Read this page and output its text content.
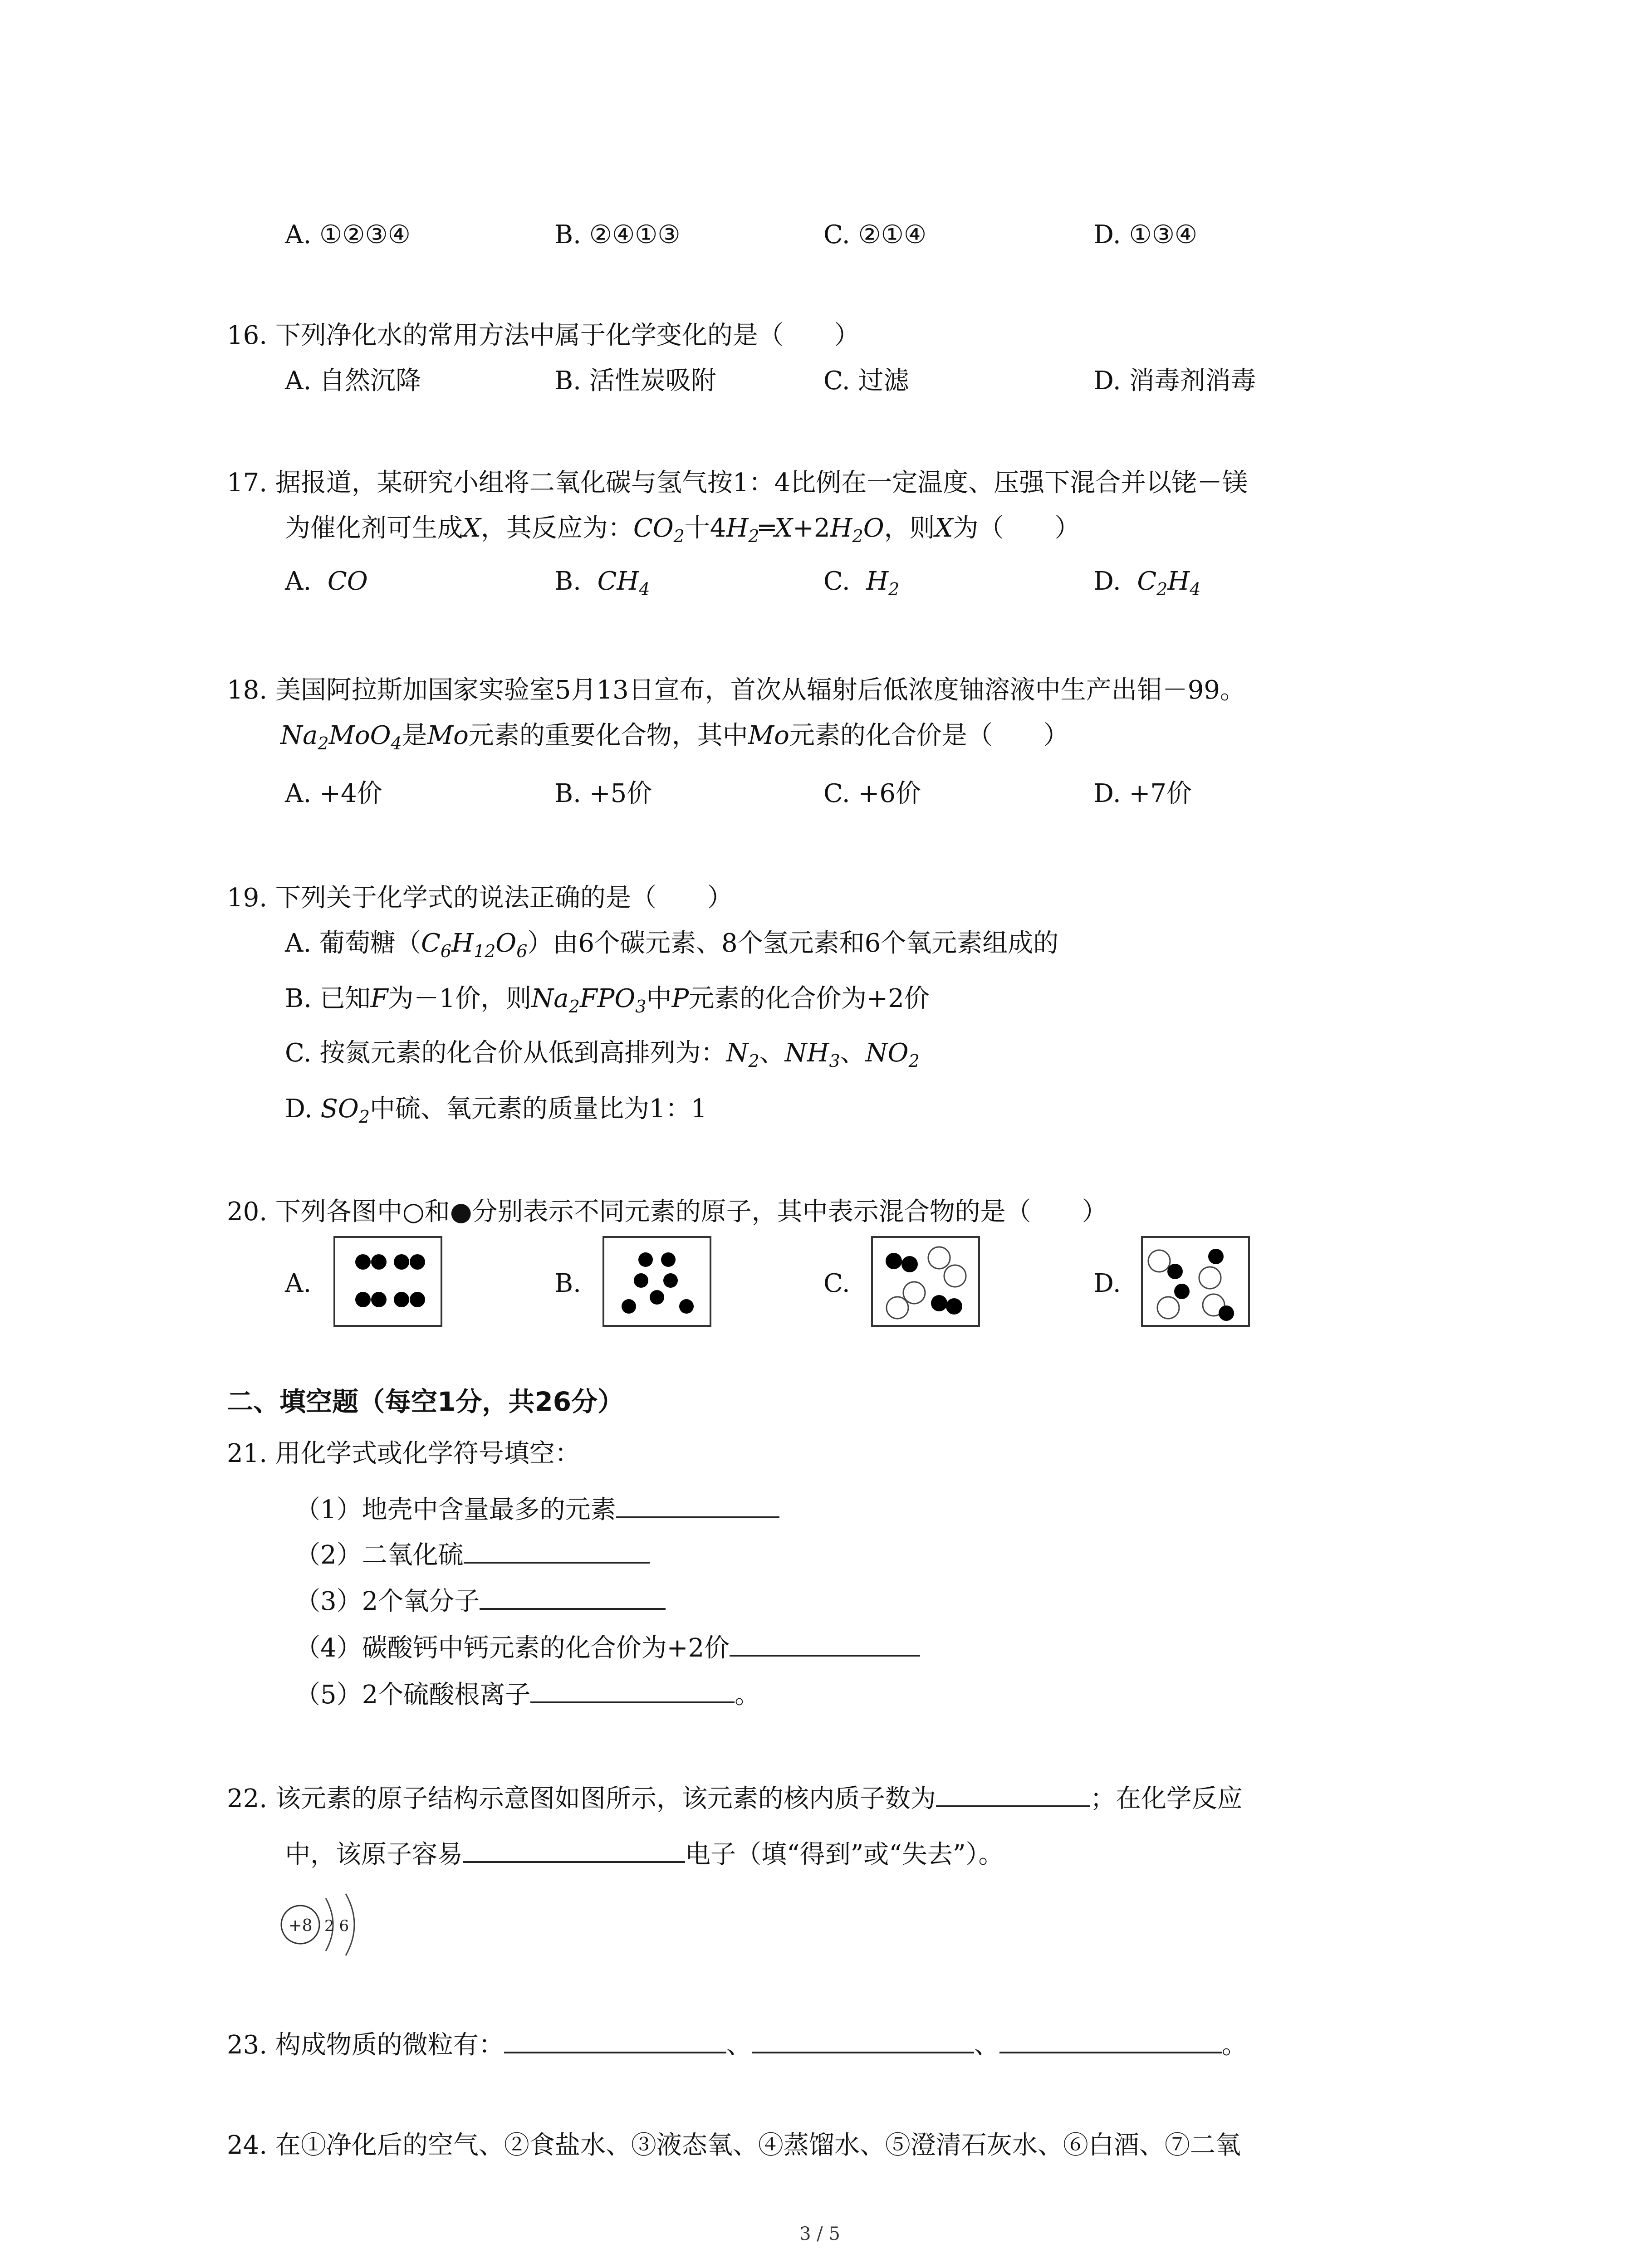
A. ①②③④	B. ②④①③	C. ②①④	D. ①③④
16. 下列净化水的常用方法中属于化学变化的是（　　）
A. 自然沉降	B. 活性炭吸附	C. 过滤	D. 消毒剂消毒
17. 据报道，某研究小组将二氧化碳与氢气按1：4比例在一定温度、压强下混合并以铑－镁
为催化剂可生成X，其反应为：$CO_2$十$4H_2═X+2H_2O$，则X为（　　）
A. CO	B. $CH_4$	C. $H_2$	D. $C_2H_4$
18. 美国阿拉斯加国家实验室5月13日宣布，首次从辐射后低浓度铀溶液中生产出钼－99。
$Na_2MoO_4$是Mo元素的重要化合物，其中Mo元素的化合价是（　　）
A. +4价	B. +5价	C. +6价	D. +7价
19. 下列关于化学式的说法正确的是（　　）
A. 葡萄糖$(C_6H_{12}O_6)$由6个碳元素、8个氢元素和6个氧元素组成的
B. 已知F为－1价，则$Na_2FPO_3$中P元素的化合价为+2价
C. 按氮元素的化合价从低到高排列为：$N_2$、$NH_3$、$NO_2$
D. $SO_2$中硫、氧元素的质量比为1：1
20. 下列各图中○和●分别表示不同元素的原子，其中表示混合物的是（　　）
A.	B.	C.	D.
二、填空题（每空1分，共26分）
21. 用化学式或化学符号填空：
（1）地壳中含量最多的元素
（2）二氧化硫
（3）2个氧分子
（4）碳酸钙中钙元素的化合价为+2价
（5）2个硫酸根离子	。
22. 该元素的原子结构示意图如图所示，该元素的核内质子数为	；在化学反应
中，该原子容易	电子（填“得到”或“失去”）。
+8 2 6
23. 构成物质的微粒有：	、	、	。
24. 在①净化后的空气、②食盐水、③液态氧、④蒸馏水、⑤澄清石灰水、⑥白酒、⑦二氧
3 / 5
